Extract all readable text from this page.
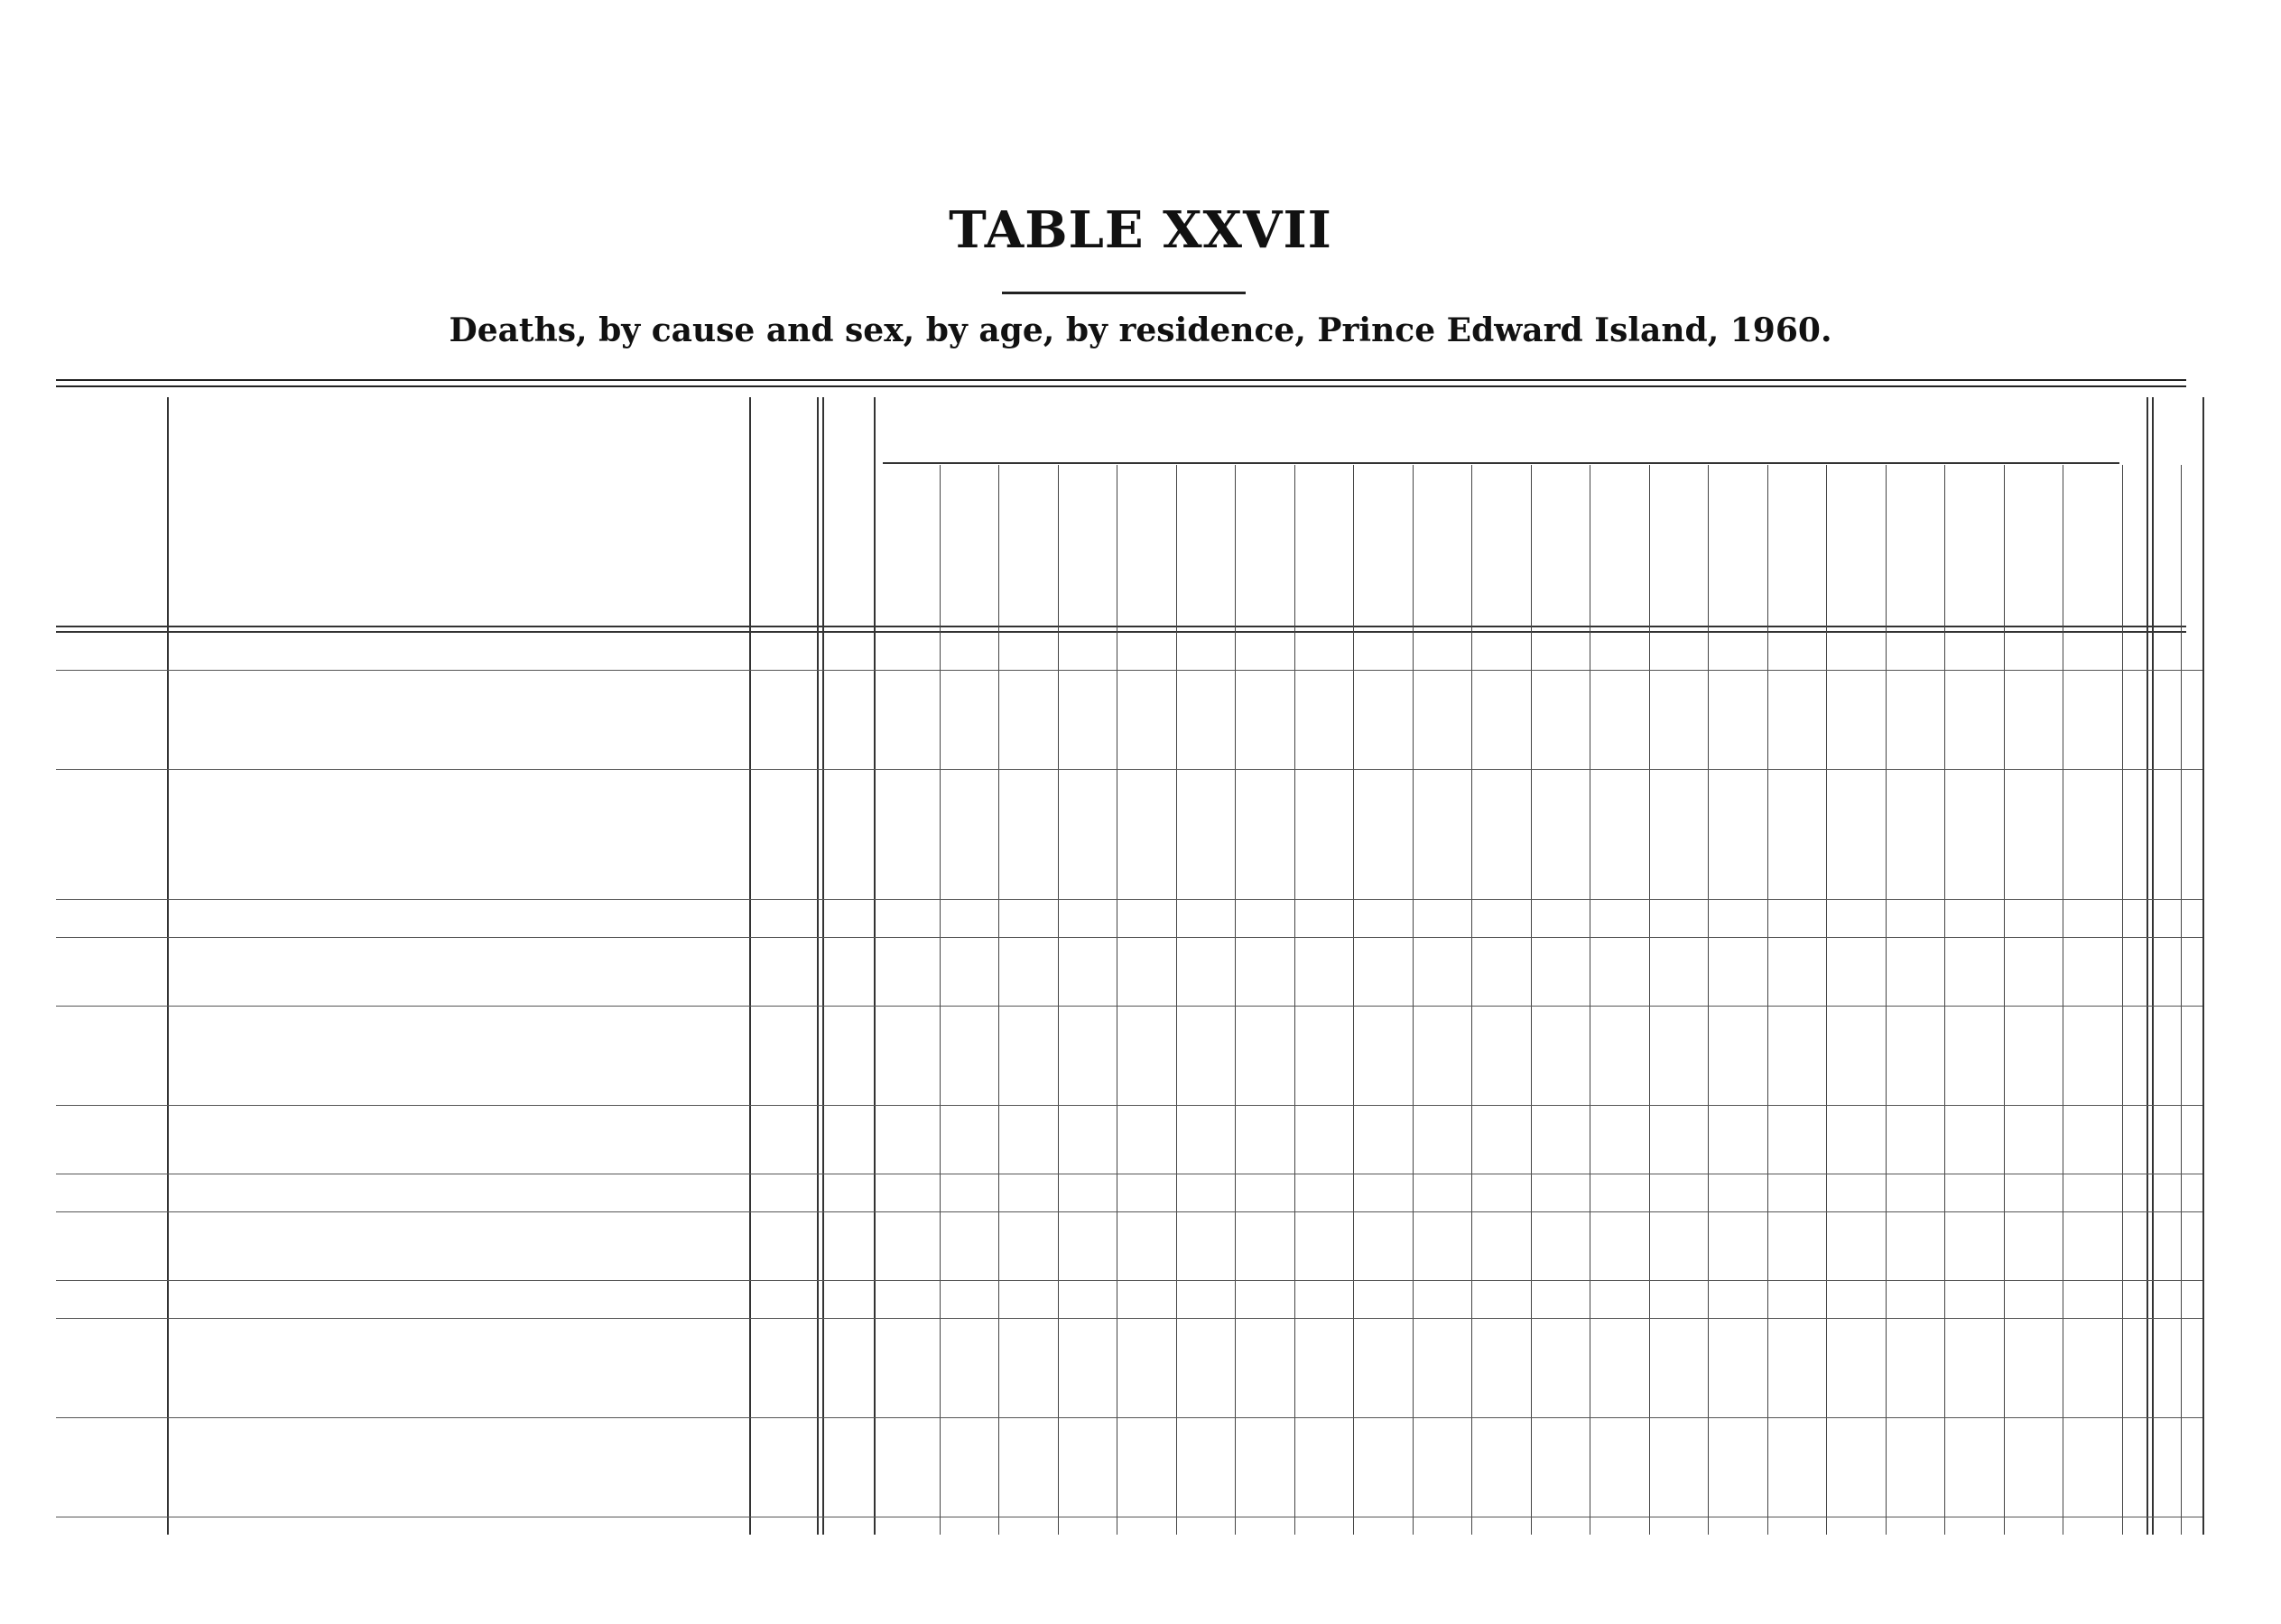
TABLE XXVII
Deaths, by cause and sex, by age, by residence, Prince Edward Island, 1960.
